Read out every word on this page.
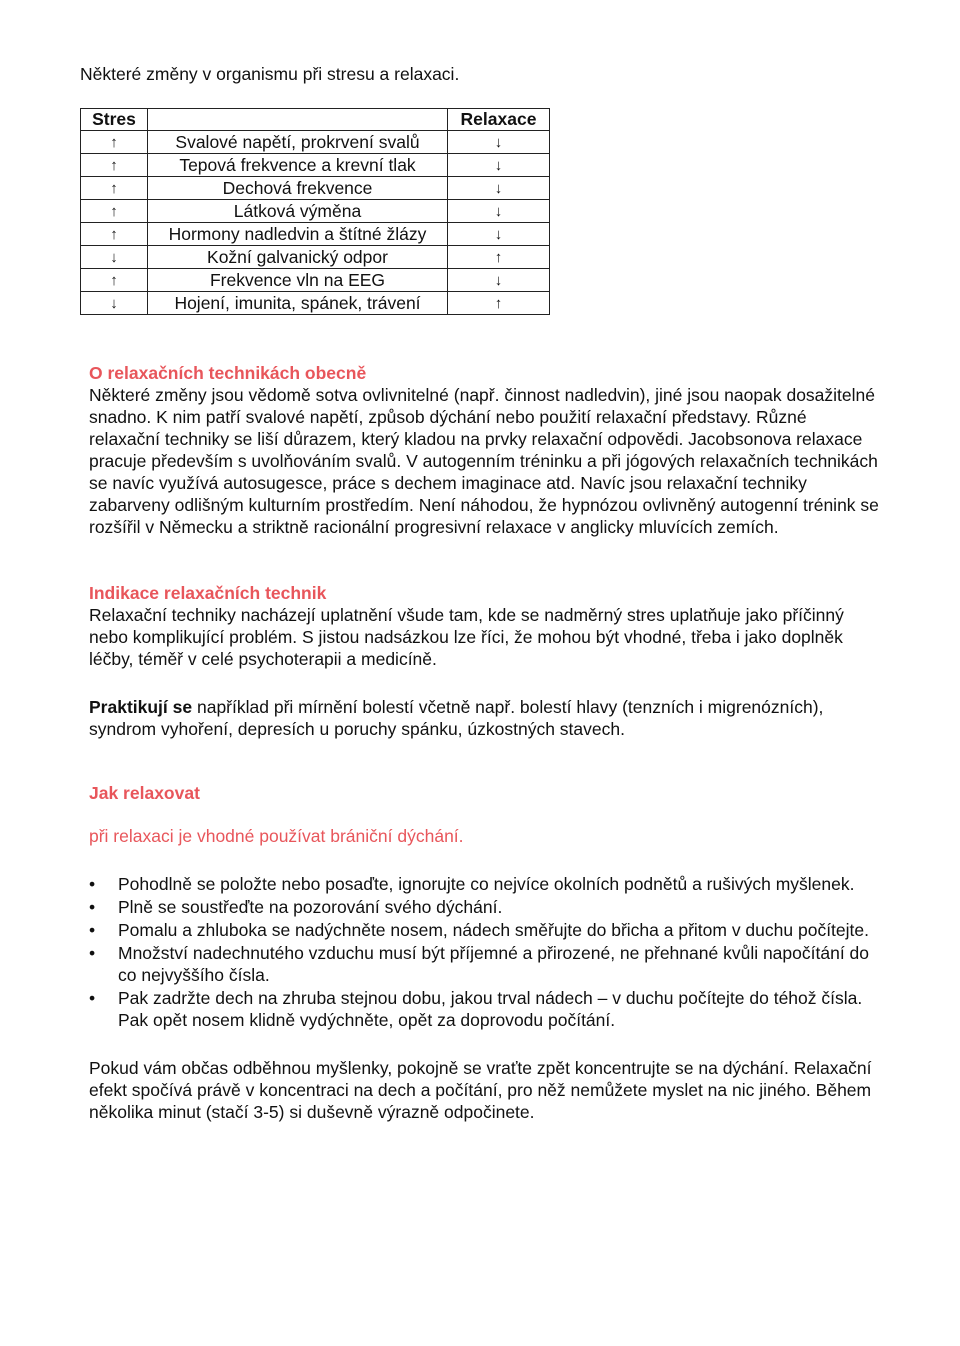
Některé změny v organismu při stresu a relaxaci.
Stres		Relaxace
↑	Svalové napětí, prokrvení svalů	↓
↑	Tepová frekvence a krevní tlak	↓
↑	Dechová frekvence	↓
↑	Látková výměna	↓
↑	Hormony nadledvin a štítné žlázy	↓
↓	Kožní galvanický odpor	↑
↑	Frekvence vln na EEG	↓
↓	Hojení, imunita, spánek, trávení	↑
O relaxačních technikách obecně

Některé změny jsou vědomě sotva ovlivnitelné (např. činnost nadledvin), jiné jsou naopak dosažitelné snadno. K nim patří svalové napětí, způsob dýchání nebo použití relaxační představy. Různé relaxační techniky se liší důrazem, který kladou na prvky relaxační odpovědi. Jacobsonova relaxace pracuje především s uvolňováním svalů. V autogenním tréninku a při jógových relaxačních technikách se navíc využívá autosugesce, práce s dechem imaginace atd. Navíc jsou relaxační techniky zabarveny odlišným kulturním prostředím. Není náhodou, že hypnózou ovlivněný autogenní trénink se rozšířil v Německu a striktně racionální progresivní relaxace v anglicky mluvících zemích.

Indikace relaxačních technik

Relaxační techniky nacházejí uplatnění všude tam, kde se nadměrný stres uplatňuje jako příčinný nebo komplikující problém. S jistou nadsázkou lze říci, že mohou být vhodné, třeba i jako doplněk léčby, téměř v celé psychoterapii a medicíně.

Praktikují se například při mírnění bolestí včetně např. bolestí hlavy (tenzních i migrenózních), syndrom vyhoření, depresích u poruchy spánku, úzkostných stavech.

Jak relaxovat

při relaxaci je vhodné používat brániční dýchání.

• Pohodlně se položte nebo posaďte, ignorujte co nejvíce okolních podnětů a rušivých myšlenek.
• Plně se soustřeďte na pozorování svého dýchání.
• Pomalu a zhluboka se nadýchněte nosem, nádech směřujte do břicha a přitom v duchu počítejte.
• Množství nadechnutého vzduchu musí být příjemné a přirozené, ne přehnané kvůli napočítání do co nejvyššího čísla.
• Pak zadržte dech na zhruba stejnou dobu, jakou trval nádech – v duchu počítejte do téhož čísla. Pak opět nosem klidně vydýchněte, opět za doprovodu počítání.

Pokud vám občas odběhnou myšlenky, pokojně se vraťte zpět koncentrujte se na dýchání. Relaxační efekt spočívá právě v koncentraci na dech a počítání, pro něž nemůžete myslet na nic jiného. Během několika minut (stačí 3-5) si duševně výrazně odpočinete.
